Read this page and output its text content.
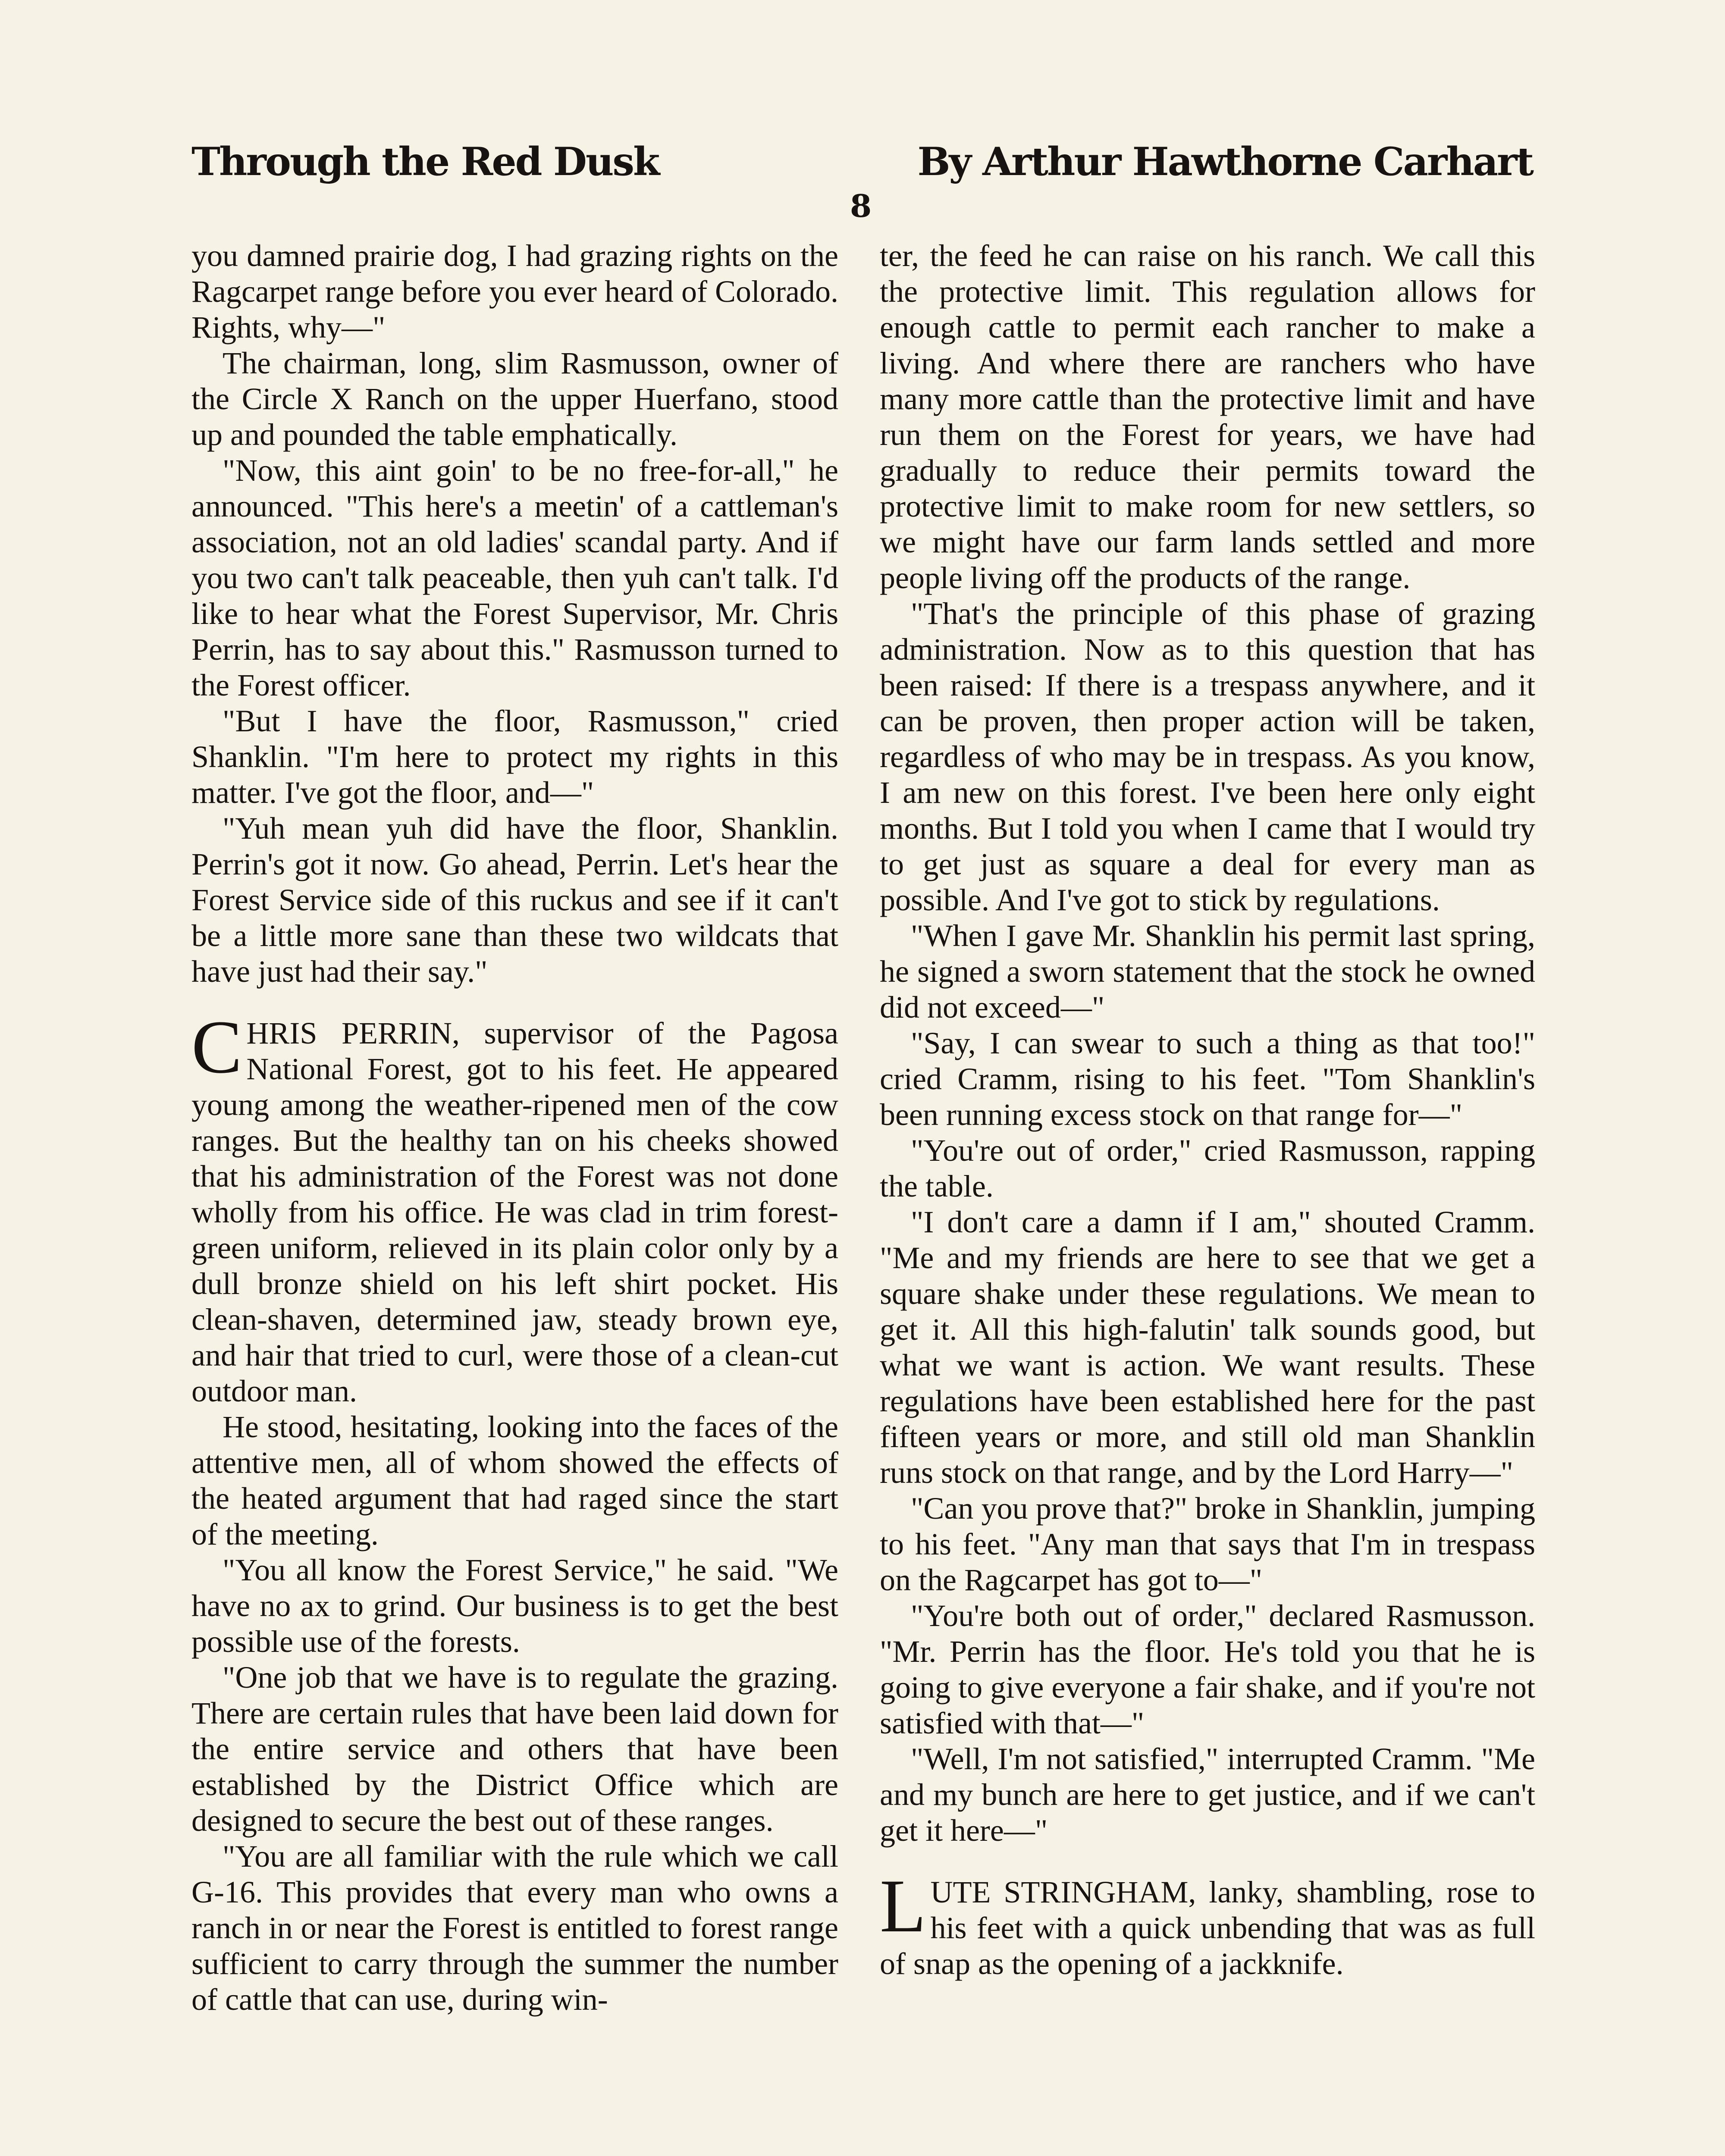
Through the Red Dusk	By Arthur Hawthorne Carhart
8

you damned prairie dog, I had grazing rights on the Ragcarpet range before you ever heard of Colorado. Rights, why—"

The chairman, long, slim Rasmusson, owner of the Circle X Ranch on the upper Huerfano, stood up and pounded the table emphatically.

"Now, this aint goin' to be no free-for-all," he announced. "This here's a meetin' of a cattleman's association, not an old ladies' scandal party. And if you two can't talk peaceable, then yuh can't talk. I'd like to hear what the Forest Supervisor, Mr. Chris Perrin, has to say about this." Rasmusson turned to the Forest officer.

"But I have the floor, Rasmusson," cried Shanklin. "I'm here to protect my rights in this matter. I've got the floor, and—"

"Yuh mean yuh did have the floor, Shanklin. Perrin's got it now. Go ahead, Perrin. Let's hear the Forest Service side of this ruckus and see if it can't be a little more sane than these two wildcats that have just had their say."

CHRIS PERRIN, supervisor of the Pagosa National Forest, got to his feet. He appeared young among the weather-ripened men of the cow ranges. But the healthy tan on his cheeks showed that his administration of the Forest was not done wholly from his office. He was clad in trim forest-green uniform, relieved in its plain color only by a dull bronze shield on his left shirt pocket. His clean-shaven, determined jaw, steady brown eye, and hair that tried to curl, were those of a clean-cut outdoor man.

He stood, hesitating, looking into the faces of the attentive men, all of whom showed the effects of the heated argument that had raged since the start of the meeting.

"You all know the Forest Service," he said. "We have no ax to grind. Our business is to get the best possible use of the forests.

"One job that we have is to regulate the grazing. There are certain rules that have been laid down for the entire service and others that have been established by the District Office which are designed to secure the best out of these ranges.

"You are all familiar with the rule which we call G-16. This provides that every man who owns a ranch in or near the Forest is entitled to forest range sufficient to carry through the summer the number of cattle that can use, during win-

ter, the feed he can raise on his ranch. We call this the protective limit. This regulation allows for enough cattle to permit each rancher to make a living. And where there are ranchers who have many more cattle than the protective limit and have run them on the Forest for years, we have had gradually to reduce their permits toward the protective limit to make room for new settlers, so we might have our farm lands settled and more people living off the products of the range.

"That's the principle of this phase of grazing administration. Now as to this question that has been raised: If there is a trespass anywhere, and it can be proven, then proper action will be taken, regardless of who may be in trespass. As you know, I am new on this forest. I've been here only eight months. But I told you when I came that I would try to get just as square a deal for every man as possible. And I've got to stick by regulations.

"When I gave Mr. Shanklin his permit last spring, he signed a sworn statement that the stock he owned did not exceed—"

"Say, I can swear to such a thing as that too!" cried Cramm, rising to his feet. "Tom Shanklin's been running excess stock on that range for—"

"You're out of order," cried Rasmusson, rapping the table.

"I don't care a damn if I am," shouted Cramm. "Me and my friends are here to see that we get a square shake under these regulations. We mean to get it. All this high-falutin' talk sounds good, but what we want is action. We want results. These regulations have been established here for the past fifteen years or more, and still old man Shanklin runs stock on that range, and by the Lord Harry—"

"Can you prove that?" broke in Shanklin, jumping to his feet. "Any man that says that I'm in trespass on the Ragcarpet has got to—"

"You're both out of order," declared Rasmusson. "Mr. Perrin has the floor. He's told you that he is going to give everyone a fair shake, and if you're not satisfied with that—"

"Well, I'm not satisfied," interrupted Cramm. "Me and my bunch are here to get justice, and if we can't get it here—"

LUTE STRINGHAM, lanky, shambling, rose to his feet with a quick unbending that was as full of snap as the opening of a jackknife.
